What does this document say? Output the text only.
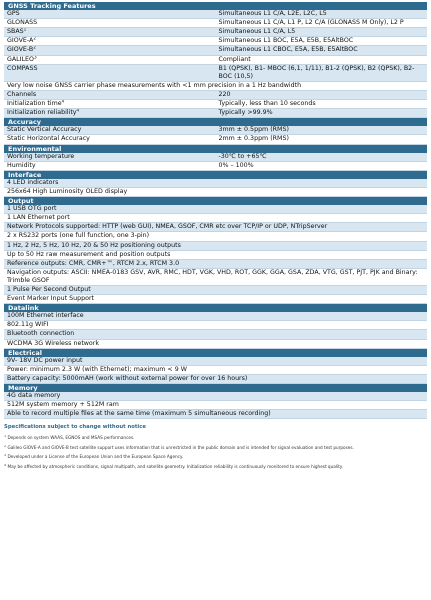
GNSS Tracking Features	
GPS	Simultaneous L1 C/A, L2E, L2C, L5
GLONASS	Simultaneous L1 C/A, L1 P, L2 C/A (GLONASS M Only), L2 P
SBAS$^1$	Simultaneous L1 C/A, L5
GIOVE-$A^2$	Simultaneous L1 BOC, E5A, E5B, E5AltBOC
GIOVE-$B^2$	Simultaneous L1 CBOC, E5A, E5B, E5AltBOC
GALILEO$^3$	Compliant
COMPASS	B1 (QPSK), B1- MBOC (6,1, 1/11), B1-2 (QPSK), B2 (QPSK), B2-BOC (10,5)
Very low noise GNSS carrier phase measurements with <1 mm precision in a 1 Hz bandwidth	
Channels	220
Initialization time$^4$	Typically, less than 10 seconds
Initialization reliability$^4$	Typically >99.9%
Accuracy	
Static Vertical Accuracy	3mm ± 0.5ppm (RMS)
Static Horizontal Accuracy	2mm ± 0.3ppm (RMS)
Environmental	
Working temperature	-30℃ to +65℃
Humidity	0% – 100%
Interface	
4 LED indicators	
256x64 High Luminosity OLED display	
Output	
1 USB OTG port	
1 LAN Ethernet port	
Network Protocols supported: HTTP (web GUI), NMEA, GSOF, CMR etc over TCP/IP or UDP, NTripServer	
2 x RS232 ports (one full function, one 3-pin)	
1 Hz, 2 Hz, 5 Hz, 10 Hz, 20 & 50 Hz positioning outputs	
Up to 50 Hz raw measurement and position outputs	
Reference outputs: CMR, CMR+™, RTCM 2.x, RTCM 3.0	
Navigation outputs: ASCII: NMEA-0183 GSV, AVR, RMC, HDT, VGK, VHD, ROT, GGK, GGA, GSA, ZDA, VTG, GST, PJT, PJK and Binary: Trimble GSOF	
1 Pulse Per Second Output	
Event Marker Input Support	
Datalink	
100M Ethernet interface	
802.11g WIFI	
Bluetooth connection	
WCDMA 3G Wireless network	
Electrical	
9V- 18V DC power input	
Power: minimum 2.3 W (with Ethernet); maximum < 9 W	
Battery capacity: 5000mAH (work without external power for over 16 hours)	
Memory	
4G data memory	
512M system memory + 512M ram	
Able to record multiple files at the same time (maximum 5 simultaneous recording)	
Specifications subject to change without notice
$^1$ Depends on system WAAS, EGNOS and MSAS performances.
$^2$ Galileo GIOVE-A and GIOVE-B test satellite support uses information that is unrestricted in the public domain and is intended for signal evaluation and test purposes.
$^3$ Developed under a License of the European Union and the European Space Agency.
$^4$ May be affected by atmospheric conditions, signal multipath, and satellite geometry. Initialization reliability is continuously monitored to ensure highest quality.
